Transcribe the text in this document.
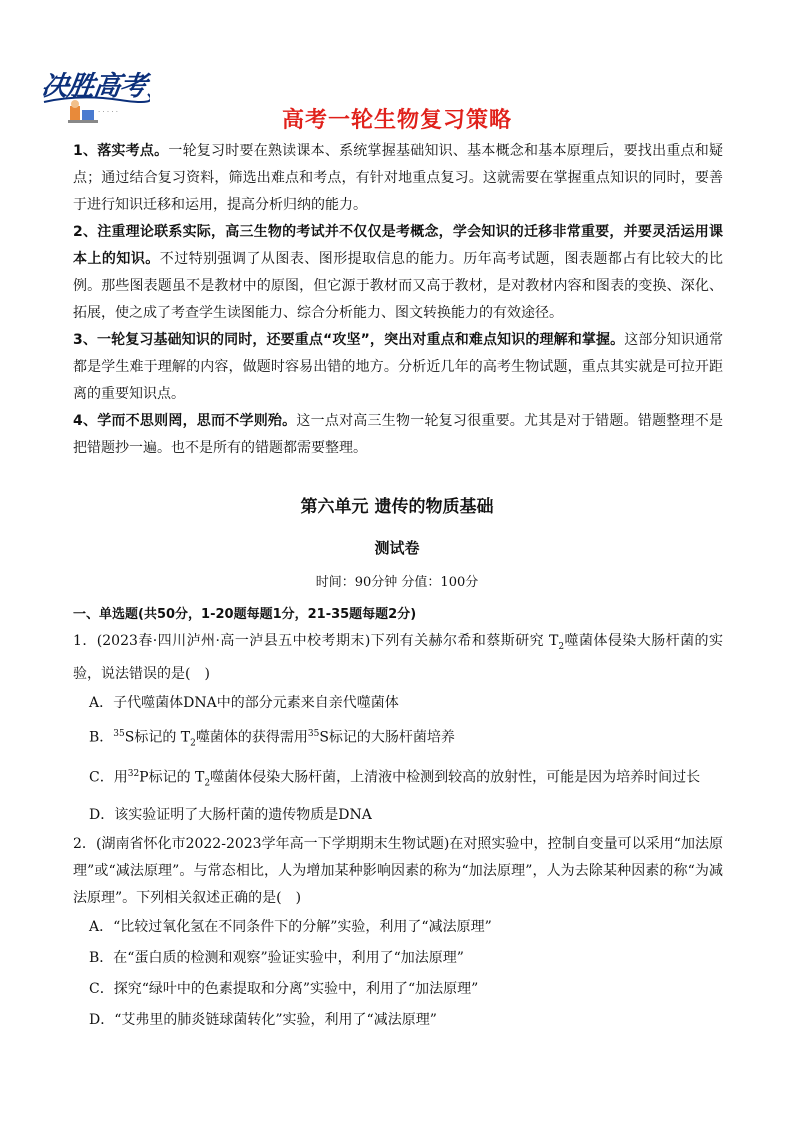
决胜高考
· · · · ·	高考一轮生物复习策略

1、落实考点。一轮复习时要在熟读课本、系统掌握基础知识、基本概念和基本原理后，要找出重点和疑点；通过结合复习资料，筛选出难点和考点，有针对地重点复习。这就需要在掌握重点知识的同时，要善于进行知识迁移和运用，提高分析归纳的能力。

2、注重理论联系实际，高三生物的考试并不仅仅是考概念，学会知识的迁移非常重要，并要灵活运用课本上的知识。不过特别强调了从图表、图形提取信息的能力。历年高考试题，图表题都占有比较大的比例。那些图表题虽不是教材中的原图，但它源于教材而又高于教材，是对教材内容和图表的变换、深化、拓展，使之成了考查学生读图能力、综合分析能力、图文转换能力的有效途径。

3、一轮复习基础知识的同时，还要重点“攻坚”，突出对重点和难点知识的理解和掌握。这部分知识通常都是学生难于理解的内容，做题时容易出错的地方。分析近几年的高考生物试题，重点其实就是可拉开距离的重要知识点。

4、学而不思则罔，思而不学则殆。这一点对高三生物一轮复习很重要。尤其是对于错题。错题整理不是把错题抄一遍。也不是所有的错题都需要整理。

第六单元 遗传的物质基础
测试卷
时间：90分钟 分值：100分
一、单选题(共50分，1-20题每题1分，21-35题每题2分)

1．(2023春·四川泸州·高一泸县五中校考期末)下列有关赫尔希和蔡斯研究 $T_2$噬菌体侵染大肠杆菌的实验，说法错误的是(　)

A．子代噬菌体DNA中的部分元素来自亲代噬菌体

B．$^{35}$S标记的 $T_2$噬菌体的获得需用$^{35}$S标记的大肠杆菌培养

C．用$^{32}$P标记的 $T_2$噬菌体侵染大肠杆菌，上清液中检测到较高的放射性，可能是因为培养时间过长

D．该实验证明了大肠杆菌的遗传物质是DNA

2．(湖南省怀化市2022-2023学年高一下学期期末生物试题)在对照实验中，控制自变量可以采用“加法原理”或“减法原理”。与常态相比，人为增加某种影响因素的称为“加法原理”，人为去除某种因素的称“为减法原理”。下列相关叙述正确的是(　)

A．“比较过氧化氢在不同条件下的分解”实验，利用了“减法原理”

B．在“蛋白质的检测和观察”验证实验中，利用了“加法原理”

C．探究“绿叶中的色素提取和分离”实验中，利用了“加法原理”

D．“艾弗里的肺炎链球菌转化”实验，利用了“减法原理”
